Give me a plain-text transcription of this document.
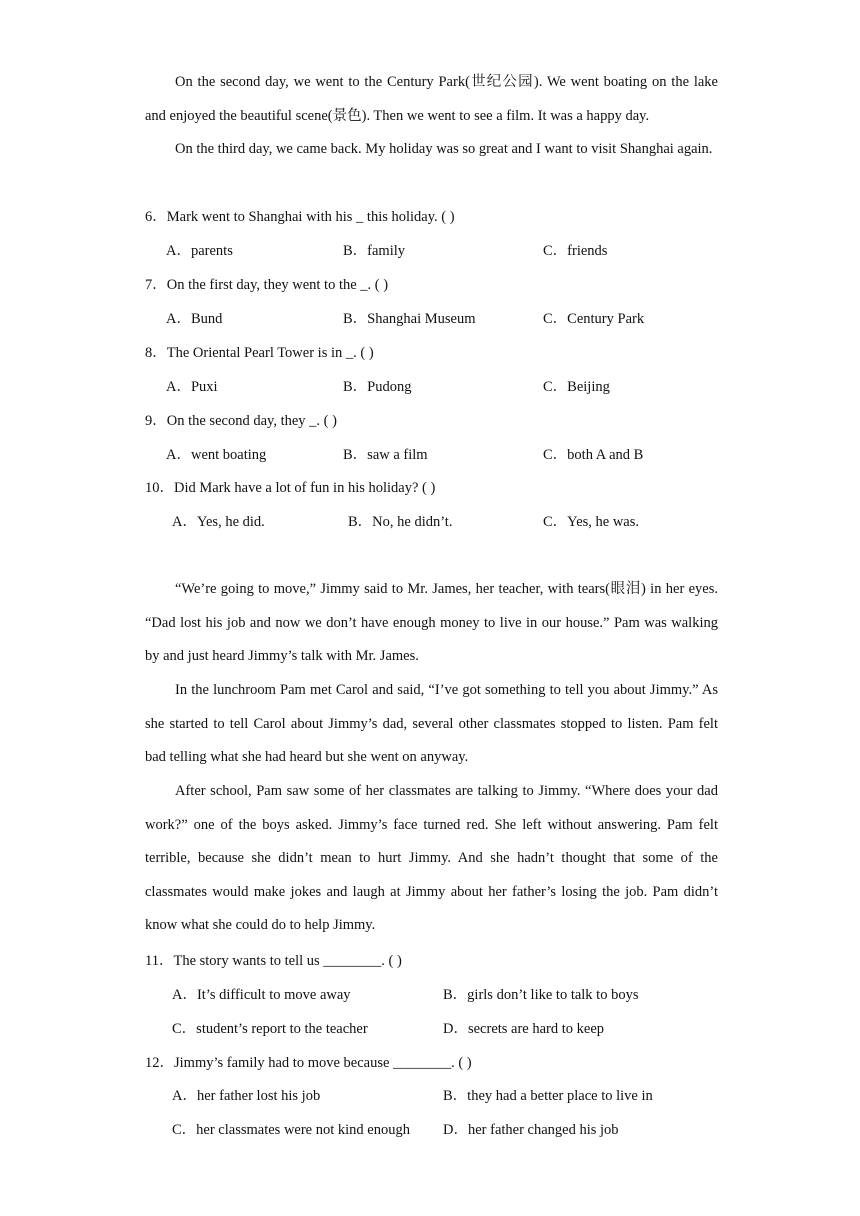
On the second day, we went to the Century Park(世纪公园). We went boating on the lake and enjoyed the beautiful scene(景色). Then we went to see a film. It was a happy day.
On the third day, we came back. My holiday was so great and I want to visit Shanghai again.
6．Mark went to Shanghai with his _ this holiday. ( )
A．parents	B．family	C．friends
7．On the first day, they went to the _. ( )
A．Bund	B．Shanghai Museum	C．Century Park
8．The Oriental Pearl Tower is in _. ( )
A．Puxi	B．Pudong	C．Beijing
9．On the second day, they _. ( )
A．went boating	B．saw a film	C．both A and B
10．Did Mark have a lot of fun in his holiday? ( )
A．Yes, he did.	B．No, he didn’t.	C．Yes, he was.
“We’re going to move,” Jimmy said to Mr. James, her teacher, with tears(眼泪) in her eyes. “Dad lost his job and now we don’t have enough money to live in our house.” Pam was walking by and just heard Jimmy’s talk with Mr. James.
In the lunchroom Pam met Carol and said, “I’ve got something to tell you about Jimmy.” As she started to tell Carol about Jimmy’s dad, several other classmates stopped to listen. Pam felt bad telling what she had heard but she went on anyway.
After school, Pam saw some of her classmates are talking to Jimmy. “Where does your dad work?” one of the boys asked. Jimmy’s face turned red. She left without answering. Pam felt terrible, because she didn’t mean to hurt Jimmy. And she hadn’t thought that some of the classmates would make jokes and laugh at Jimmy about her father’s losing the job. Pam didn’t know what she could do to help Jimmy.
11．The story wants to tell us ________. ( )
A．It’s difficult to move away	B．girls don’t like to talk to boys
C．student’s report to the teacher	D．secrets are hard to keep
12．Jimmy’s family had to move because ________. ( )
A．her father lost his job	B．they had a better place to live in
C．her classmates were not kind enough D．her father changed his job
